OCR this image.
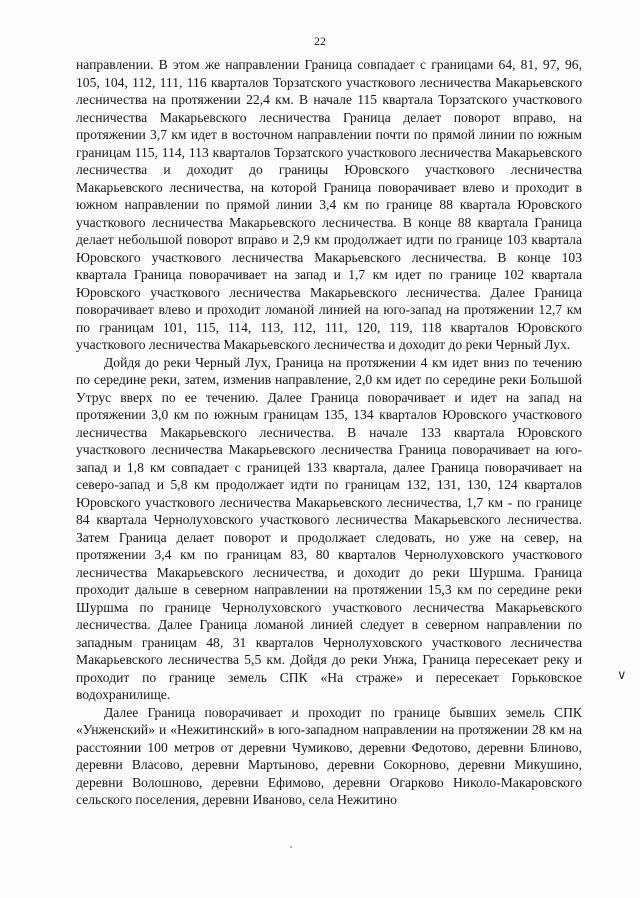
22

направлении. В этом же направлении Граница совпадает с границами 64, 81, 97, 96, 105, 104, 112, 111, 116 кварталов Торзатского участкового лесничества Макарьевского лесничества на протяжении 22,4 км. В начале 115 квартала Торзатского участкового лесничества Макарьевского лесничества Граница делает поворот вправо, на протяжении 3,7 км идет в восточном направлении почти по прямой линии по южным границам 115, 114, 113 кварталов Торзатского участкового лесничества Макарьевского лесничества и доходит до границы Юровского участкового лесничества Макарьевского лесничества, на которой Граница поворачивает влево и проходит в южном направлении по прямой линии 3,4 км по границе 88 квартала Юровского участкового лесничества Макарьевского лесничества. В конце 88 квартала Граница делает небольшой поворот вправо и 2,9 км продолжает идти по границе 103 квартала Юровского участкового лесничества Макарьевского лесничества. В конце 103 квартала Граница поворачивает на запад и 1,7 км идет по границе 102 квартала Юровского участкового лесничества Макарьевского лесничества. Далее Граница поворачивает влево и проходит ломаной линией на юго-запад на протяжении 12,7 км по границам 101, 115, 114, 113, 112, 111, 120, 119, 118 кварталов Юровского участкового лесничества Макарьевского лесничества и доходит до реки Черный Лух.

Дойдя до реки Черный Лух, Граница на протяжении 4 км идет вниз по течению по середине реки, затем, изменив направление, 2,0 км идет по середине реки Большой Утрус вверх по ее течению. Далее Граница поворачивает и идет на запад на протяжении 3,0 км по южным границам 135, 134 кварталов Юровского участкового лесничества Макарьевского лесничества. В начале 133 квартала Юровского участкового лесничества Макарьевского лесничества Граница поворачивает на юго-запад и 1,8 км совпадает с границей 133 квартала, далее Граница поворачивает на северо-запад и 5,8 км продолжает идти по границам 132, 131, 130, 124 кварталов Юровского участкового лесничества Макарьевского лесничества, 1,7 км - по границе 84 квартала Чернолуховского участкового лесничества Макарьевского лесничества. Затем Граница делает поворот и продолжает следовать, но уже на север, на протяжении 3,4 км по границам 83, 80 кварталов Чернолуховского участкового лесничества Макарьевского лесничества, и доходит до реки Шуршма. Граница проходит дальше в северном направлении на протяжении 15,3 км по середине реки Шуршма по границе Чернолуховского участкового лесничества Макарьевского лесничества. Далее Граница ломаной линией следует в северном направлении по западным границам 48, 31 кварталов Чернолуховского участкового лесничества Макарьевского лесничества 5,5 км. Дойдя до реки Унжа, Граница пересекает реку и проходит по границе земель СПК «На страже» и пересекает Горьковское водохранилище.

Далее Граница поворачивает и проходит по границе бывших земель СПК «Унженский» и «Нежитинский» в юго-западном направлении на протяжении 28 км на расстоянии 100 метров от деревни Чумиково, деревни Федотово, деревни Блиново, деревни Власово, деревни Мартыново, деревни Сокорново, деревни Микушино, деревни Волошново, деревни Ефимово, деревни Огарково Николо-Макаровского сельского поселения, деревни Иваново, села Нежитино

∨
